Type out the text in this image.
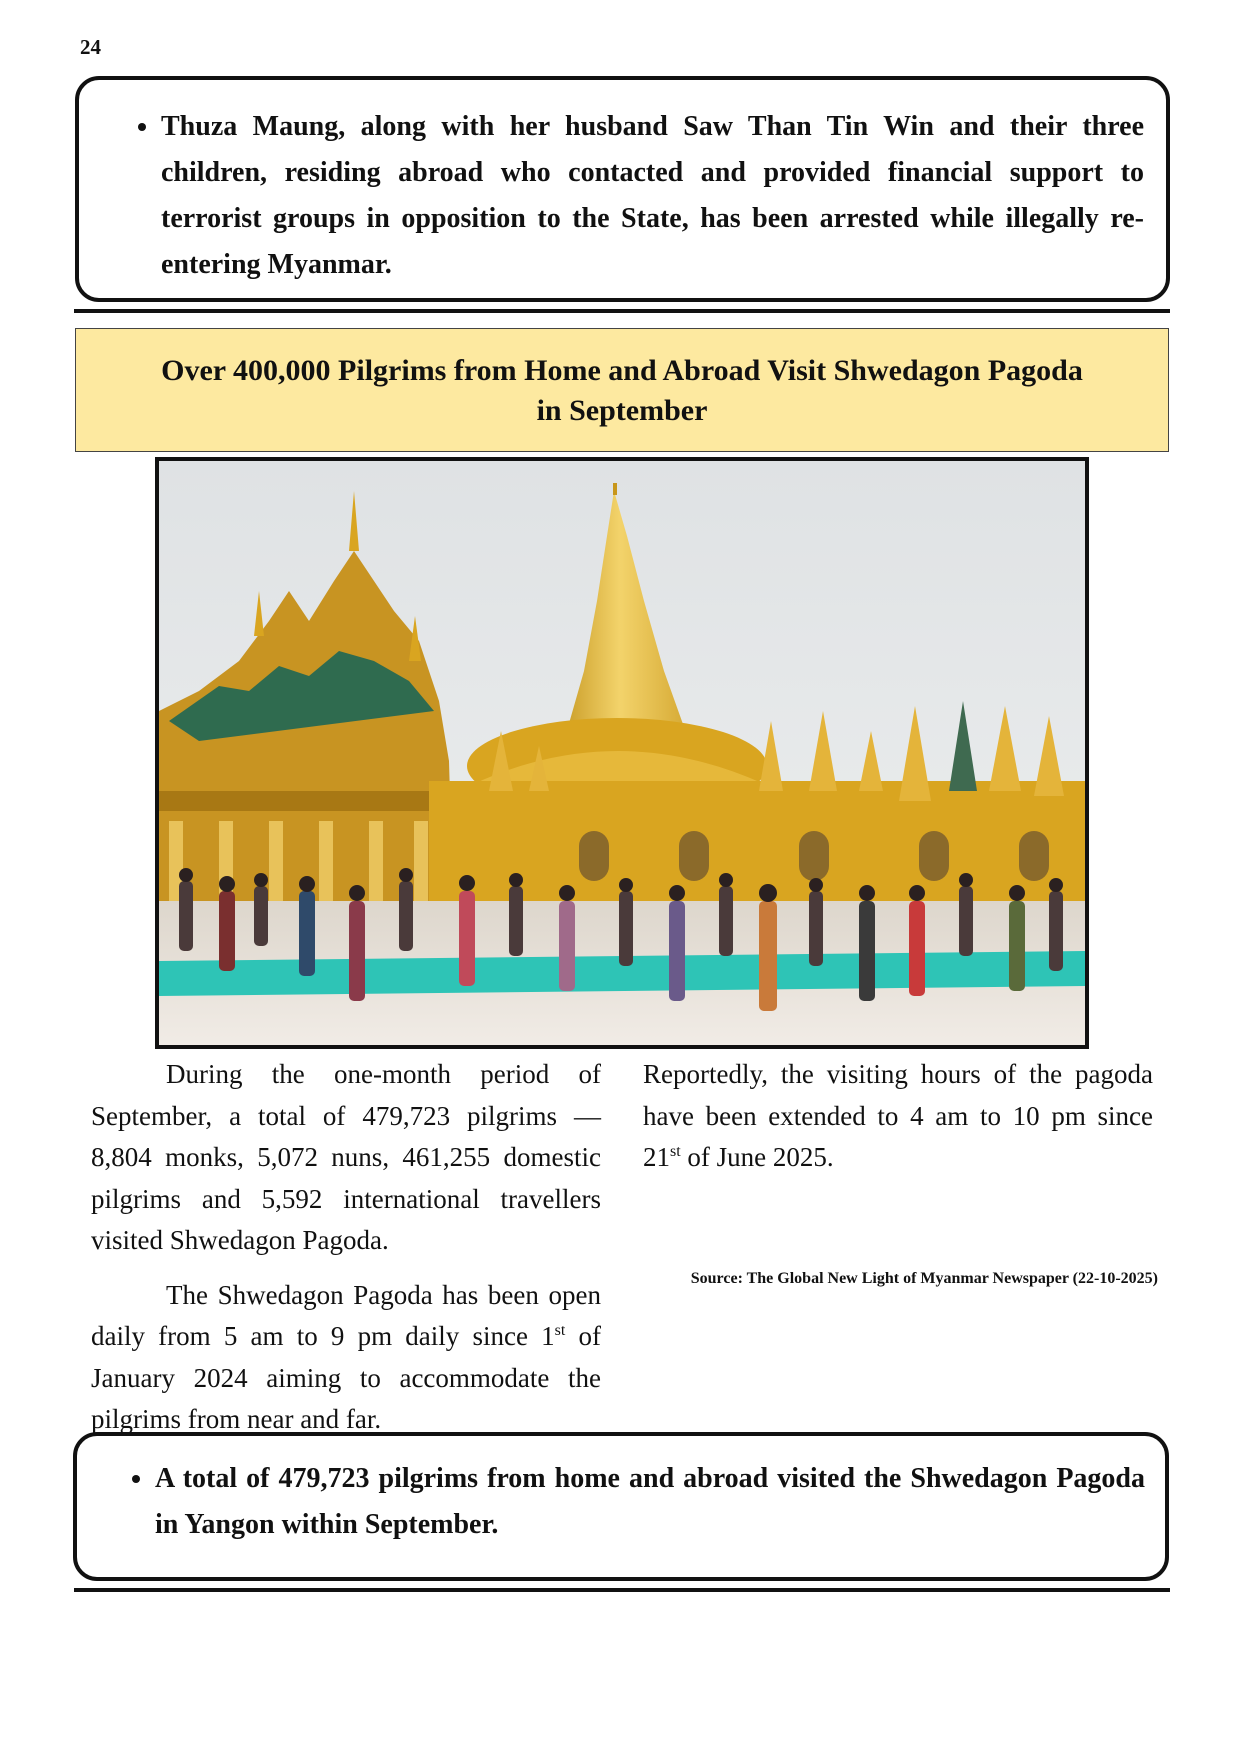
24
• Thuza Maung, along with her husband Saw Than Tin Win and their three children, residing abroad who contacted and provided financial support to terrorist groups in opposition to the State, has been arrested while illegally re-entering Myanmar.
Over 400,000 Pilgrims from Home and Abroad Visit Shwedagon Pagoda
in September

During the one-month period of September, a total of 479,723 pilgrims — 8,804 monks, 5,072 nuns, 461,255 domestic pilgrims and 5,592 international travellers visited Shwedagon Pagoda.

The Shwedagon Pagoda has been open daily from 5 am to 9 pm daily since 1st of January 2024 aiming to accommodate the pilgrims from near and far.

Reportedly, the visiting hours of the pagoda have been extended to 4 am to 10 pm since 21st of June 2025.

Source: The Global New Light of Myanmar Newspaper (22-10-2025)
• A total of 479,723 pilgrims from home and abroad visited the Shwedagon Pagoda in Yangon within September.
